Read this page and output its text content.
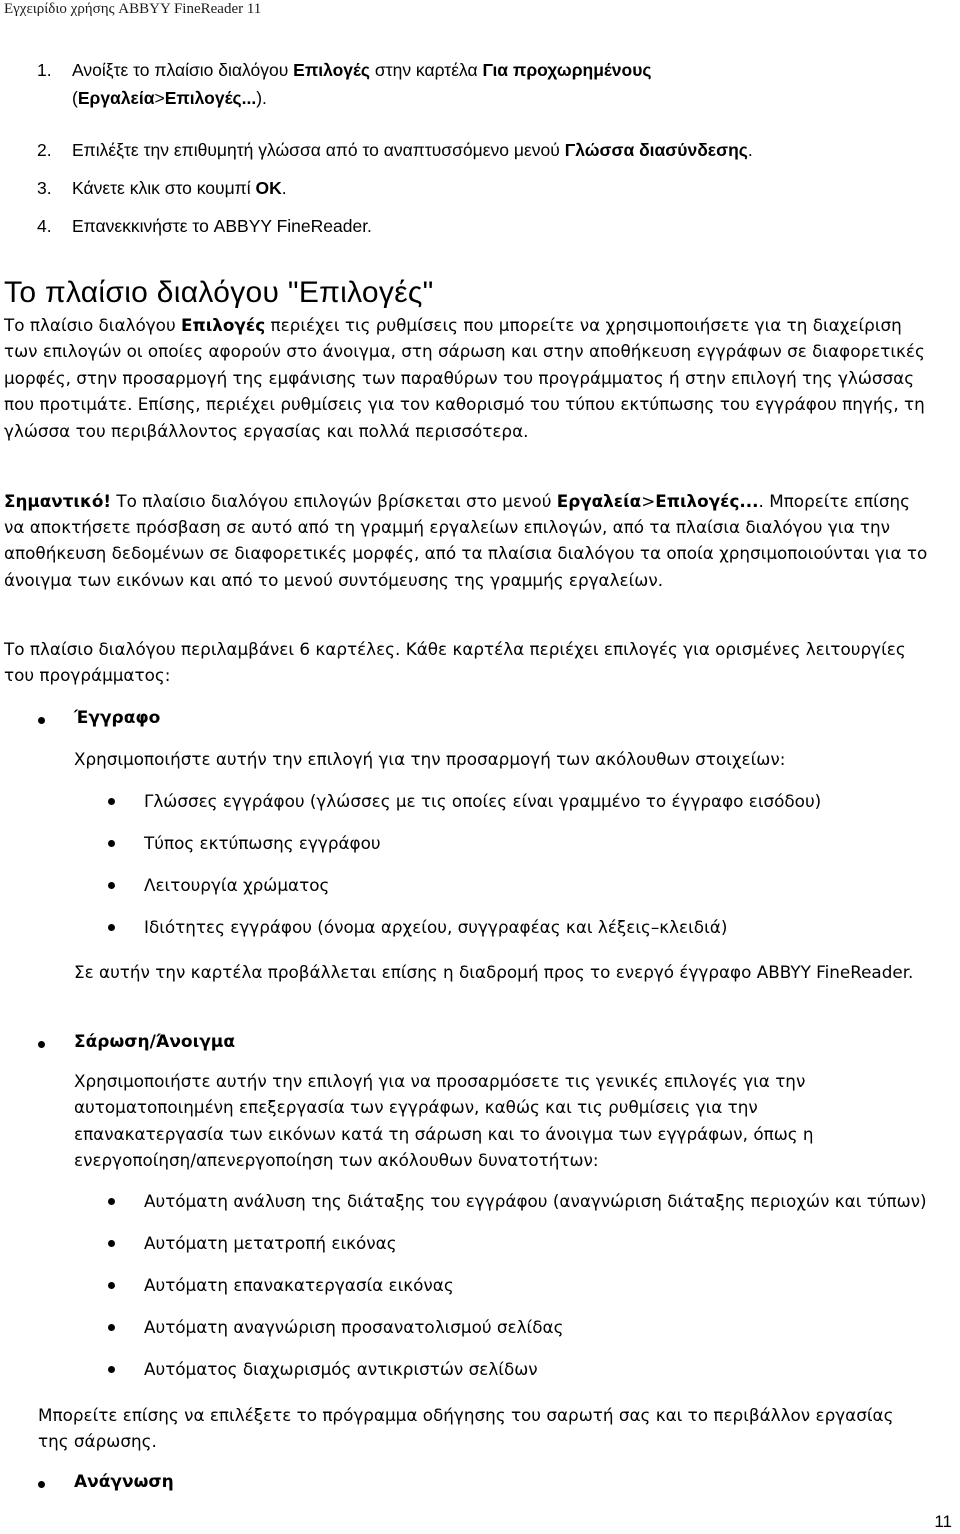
Εγχειρίδιο χρήσης ABBYY FineReader 11
1. Ανοίξτε το πλαίσιο διαλόγου Επιλογές στην καρτέλα Για προχωρημένους
(Εργαλεία>Επιλογές...).
2. Επιλέξτε την επιθυμητή γλώσσα από το αναπτυσσόμενο μενού Γλώσσα διασύνδεσης.
3. Κάνετε κλικ στο κουμπί OK.
4. Επανεκκινήστε το ABBYY FineReader.
Το πλαίσιο διαλόγου "Επιλογές"

Το πλαίσιο διαλόγου Επιλογές περιέχει τις ρυθμίσεις που μπορείτε να χρησιμοποιήσετε για τη διαχείριση των επιλογών οι οποίες αφορούν στο άνοιγμα, στη σάρωση και στην αποθήκευση εγγράφων σε διαφορετικές μορφές, στην προσαρμογή της εμφάνισης των παραθύρων του προγράμματος ή στην επιλογή της γλώσσας που προτιμάτε. Επίσης, περιέχει ρυθμίσεις για τον καθορισμό του τύπου εκτύπωσης του εγγράφου πηγής, τη γλώσσα του περιβάλλοντος εργασίας και πολλά περισσότερα.

Σημαντικό! Το πλαίσιο διαλόγου επιλογών βρίσκεται στο μενού Εργαλεία>Επιλογές.... Μπορείτε επίσης να αποκτήσετε πρόσβαση σε αυτό από τη γραμμή εργαλείων επιλογών, από τα πλαίσια διαλόγου για την αποθήκευση δεδομένων σε διαφορετικές μορφές, από τα πλαίσια διαλόγου τα οποία χρησιμοποιούνται για το άνοιγμα των εικόνων και από το μενού συντόμευσης της γραμμής εργαλείων.

Το πλαίσιο διαλόγου περιλαμβάνει 6 καρτέλες. Κάθε καρτέλα περιέχει επιλογές για ορισμένες λειτουργίες του προγράμματος:

Έγγραφο

Χρησιμοποιήστε αυτήν την επιλογή για την προσαρμογή των ακόλουθων στοιχείων:

Γλώσσες εγγράφου (γλώσσες με τις οποίες είναι γραμμένο το έγγραφο εισόδου)
Τύπος εκτύπωσης εγγράφου
Λειτουργία χρώματος
Ιδιότητες εγγράφου (όνομα αρχείου, συγγραφέας και λέξεις–κλειδιά)

Σε αυτήν την καρτέλα προβάλλεται επίσης η διαδρομή προς το ενεργό έγγραφο ABBYY FineReader.

Σάρωση/Άνοιγμα

Χρησιμοποιήστε αυτήν την επιλογή για να προσαρμόσετε τις γενικές επιλογές για την αυτοματοποιημένη επεξεργασία των εγγράφων, καθώς και τις ρυθμίσεις για την επανακατεργασία των εικόνων κατά τη σάρωση και το άνοιγμα των εγγράφων, όπως η ενεργοποίηση/απενεργοποίηση των ακόλουθων δυνατοτήτων:

Αυτόματη ανάλυση της διάταξης του εγγράφου (αναγνώριση διάταξης περιοχών και τύπων)
Αυτόματη μετατροπή εικόνας
Αυτόματη επανακατεργασία εικόνας
Αυτόματη αναγνώριση προσανατολισμού σελίδας
Αυτόματος διαχωρισμός αντικριστών σελίδων

Μπορείτε επίσης να επιλέξετε το πρόγραμμα οδήγησης του σαρωτή σας και το περιβάλλον εργασίας της σάρωσης.

Ανάγνωση
11
